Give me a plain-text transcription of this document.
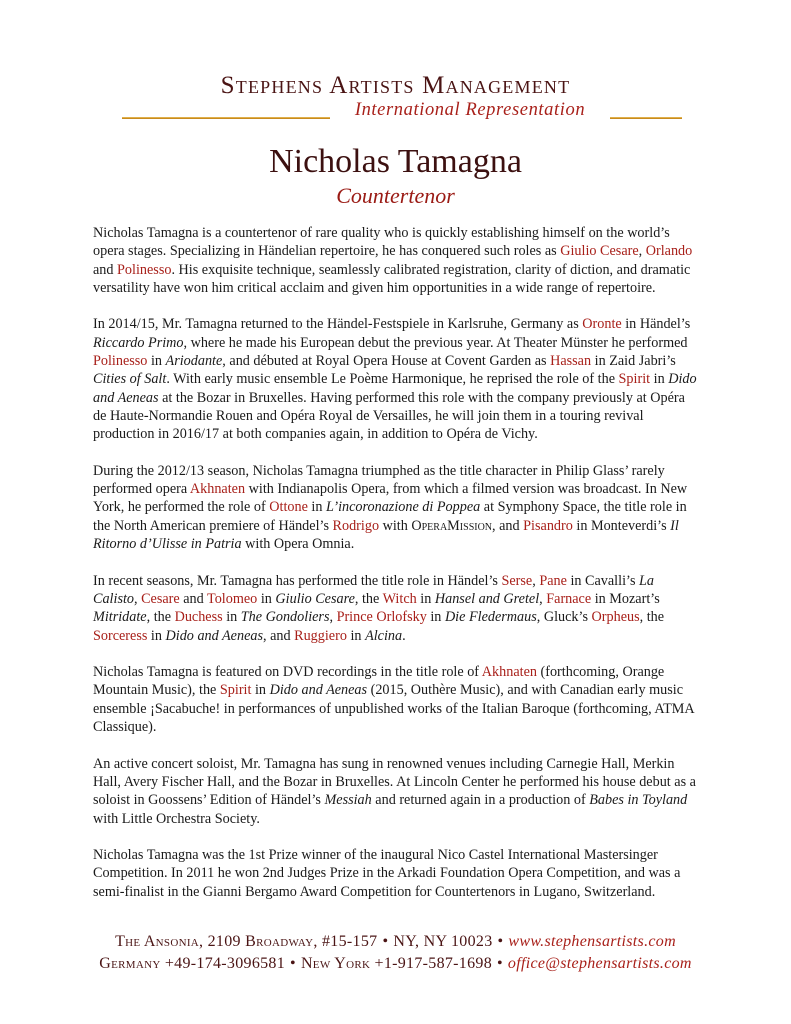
Stephens Artists Management
International Representation
Nicholas Tamagna
Countertenor

Nicholas Tamagna is a countertenor of rare quality who is quickly establishing himself on the world’s opera stages. Specializing in Händelian repertoire, he has conquered such roles as Giulio Cesare, Orlando and Polinesso. His exquisite technique, seamlessly calibrated registration, clarity of diction, and dramatic versatility have won him critical acclaim and given him opportunities in a wide range of repertoire.

In 2014/15, Mr. Tamagna returned to the Händel-Festspiele in Karlsruhe, Germany as Oronte in Händel’s Riccardo Primo, where he made his European debut the previous year. At Theater Münster he performed Polinesso in Ariodante, and débuted at Royal Opera House at Covent Garden as Hassan in Zaid Jabri’s Cities of Salt. With early music ensemble Le Poème Harmonique, he reprised the role of the Spirit in Dido and Aeneas at the Bozar in Bruxelles. Having performed this role with the company previously at Opéra de Haute-Normandie Rouen and Opéra Royal de Versailles, he will join them in a touring revival production in 2016/17 at both companies again, in addition to Opéra de Vichy.

During the 2012/13 season, Nicholas Tamagna triumphed as the title character in Philip Glass’ rarely performed opera Akhnaten with Indianapolis Opera, from which a filmed version was broadcast. In New York, he performed the role of Ottone in L’incoronazione di Poppea at Symphony Space, the title role in the North American premiere of Händel’s Rodrigo with OperaMission, and Pisandro in Monteverdi’s Il Ritorno d’Ulisse in Patria with Opera Omnia.

In recent seasons, Mr. Tamagna has performed the title role in Händel’s Serse, Pane in Cavalli’s La Calisto, Cesare and Tolomeo in Giulio Cesare, the Witch in Hansel and Gretel, Farnace in Mozart’s Mitridate, the Duchess in The Gondoliers, Prince Orlofsky in Die Fledermaus, Gluck’s Orpheus, the Sorceress in Dido and Aeneas, and Ruggiero in Alcina.

Nicholas Tamagna is featured on DVD recordings in the title role of Akhnaten (forthcoming, Orange Mountain Music), the Spirit in Dido and Aeneas (2015, Outhère Music), and with Canadian early music ensemble ¡Sacabuche! in performances of unpublished works of the Italian Baroque (forthcoming, ATMA Classique).

An active concert soloist, Mr. Tamagna has sung in renowned venues including Carnegie Hall, Merkin Hall, Avery Fischer Hall, and the Bozar in Bruxelles. At Lincoln Center he performed his house debut as a soloist in Goossens’ Edition of Händel’s Messiah and returned again in a production of Babes in Toyland with Little Orchestra Society.

Nicholas Tamagna was the 1st Prize winner of the inaugural Nico Castel International Mastersinger Competition. In 2011 he won 2nd Judges Prize in the Arkadi Foundation Opera Competition, and was a semi-finalist in the Gianni Bergamo Award Competition for Countertenors in Lugano, Switzerland.

The Ansonia, 2109 Broadway, #15-157 • NY, NY 10023 • www.stephensartists.com
Germany +49-174-3096581 • New York +1-917-587-1698 • office@stephensartists.com
